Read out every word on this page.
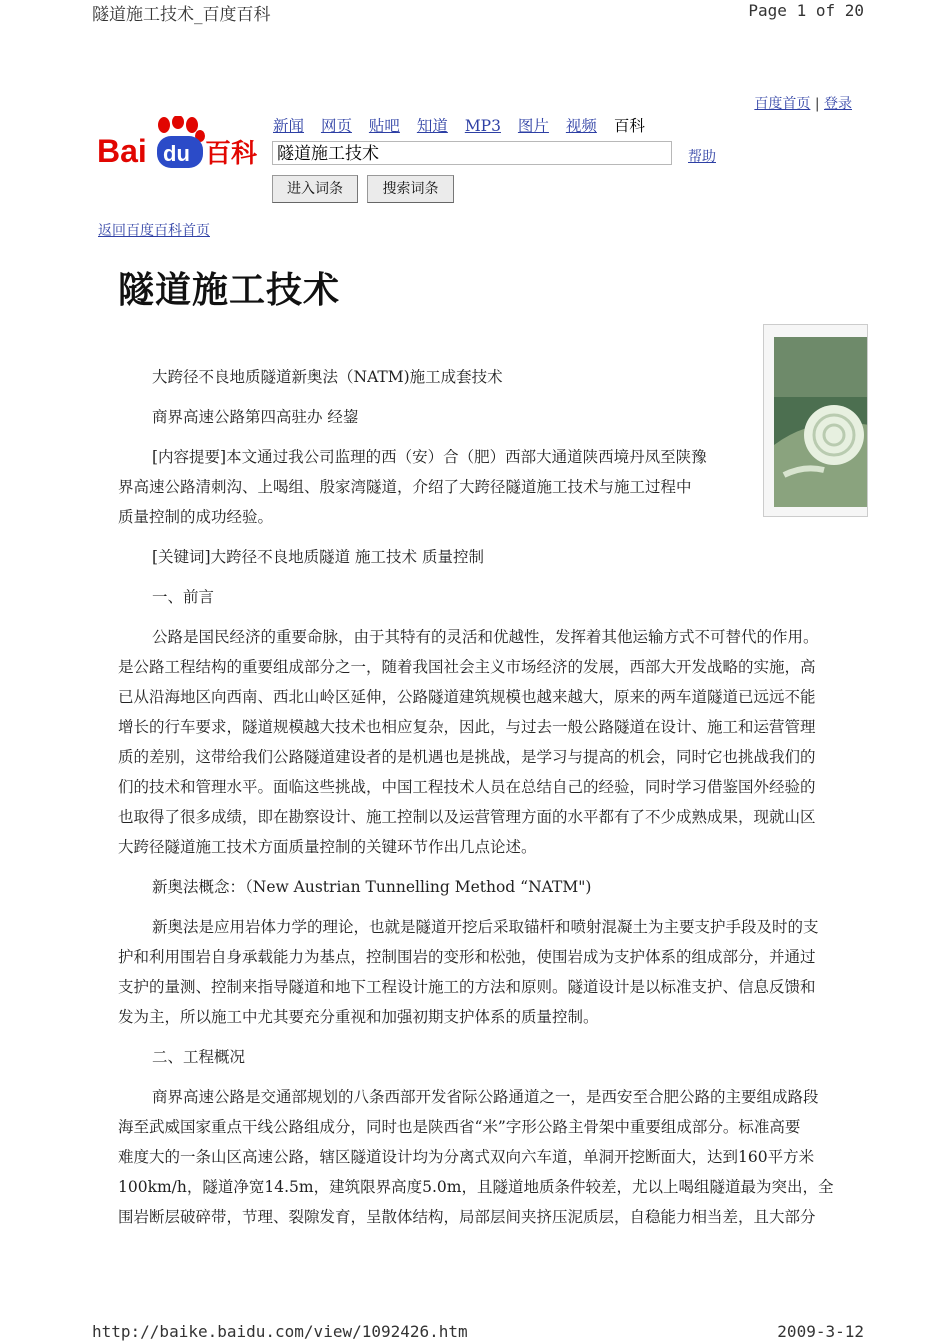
隧道施工技术_百度百科	Page 1 of 20
http://baike.baidu.com/view/1092426.htm	2009-3-12
百度首页 | 登录
Bai du 百科
新闻 网页 贴吧 知道 MP3 图片 视频 百科
隧道施工技术	帮助
进入词条	搜索词条
返回百度百科首页
隧道施工技术

大跨径不良地质隧道新奥法（NATM)施工成套技术

商界高速公路第四高驻办 经鋆

[内容提要]本文通过我公司监理的西（安）合（肥）西部大通道陕西境丹凤至陕豫

界高速公路清刺沟、上喝组、殷家湾隧道，介绍了大跨径隧道施工技术与施工过程中

质量控制的成功经验。

[关键词]大跨径不良地质隧道 施工技术 质量控制

一、前言

公路是国民经济的重要命脉，由于其特有的灵活和优越性，发挥着其他运输方式不可替代的作用。

是公路工程结构的重要组成部分之一，随着我国社会主义市场经济的发展，西部大开发战略的实施，高

已从沿海地区向西南、西北山岭区延伸，公路隧道建筑规模也越来越大，原来的两车道隧道已远远不能

增长的行车要求，隧道规模越大技术也相应复杂，因此，与过去一般公路隧道在设计、施工和运营管理

质的差别，这带给我们公路隧道建设者的是机遇也是挑战，是学习与提高的机会，同时它也挑战我们的

们的技术和管理水平。面临这些挑战，中国工程技术人员在总结自己的经验，同时学习借鉴国外经验的

也取得了很多成绩，即在勘察设计、施工控制以及运营管理方面的水平都有了不少成熟成果，现就山区

大跨径隧道施工技术方面质量控制的关键环节作出几点论述。

新奥法概念：（New Austrian Tunnelling Method “NATM")

新奥法是应用岩体力学的理论，也就是隧道开挖后采取锚杆和喷射混凝土为主要支护手段及时的支

护和利用围岩自身承载能力为基点，控制围岩的变形和松弛，使围岩成为支护体系的组成部分，并通过

支护的量测、控制来指导隧道和地下工程设计施工的方法和原则。隧道设计是以标准支护、信息反馈和

发为主，所以施工中尤其要充分重视和加强初期支护体系的质量控制。

二、工程概况

商界高速公路是交通部规划的八条西部开发省际公路通道之一，是西安至合肥公路的主要组成路段

海至武威国家重点干线公路组成分，同时也是陕西省“米”字形公路主骨架中重要组成部分。标准高要

难度大的一条山区高速公路，辖区隧道设计均为分离式双向六车道，单洞开挖断面大，达到160平方米

100km/h，隧道净宽14.5m，建筑限界高度5.0m，且隧道地质条件较差，尤以上喝组隧道最为突出，全

围岩断层破碎带，节理、裂隙发育，呈散体结构，局部层间夹挤压泥质层，自稳能力相当差，且大部分
